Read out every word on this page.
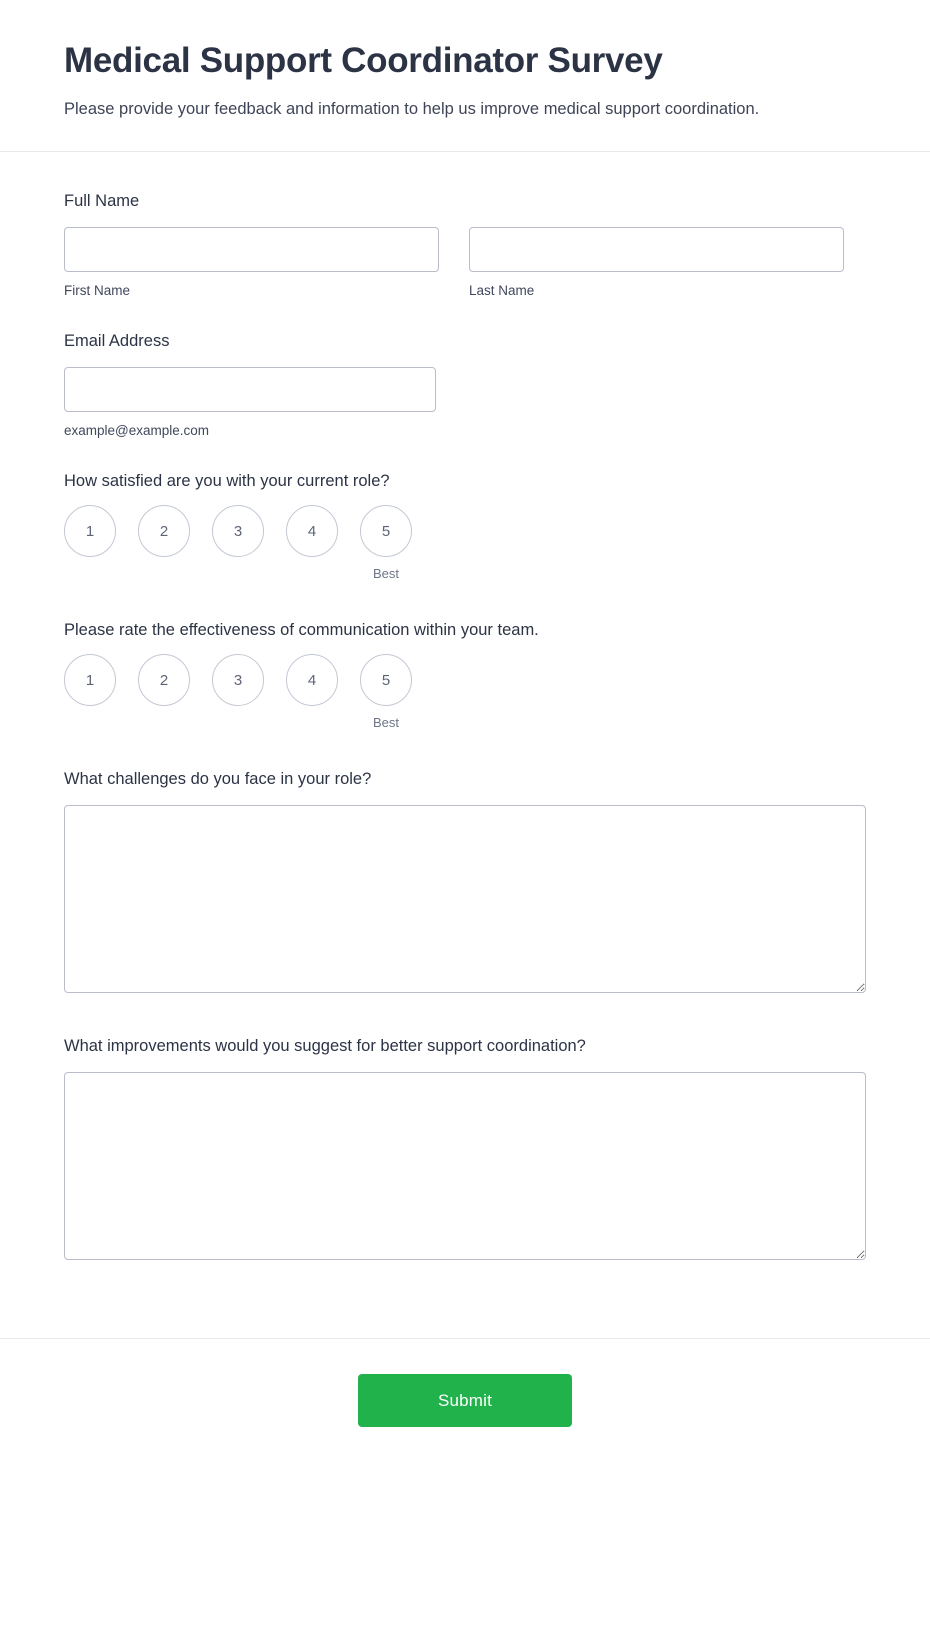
Medical Support Coordinator Survey

Please provide your feedback and information to help us improve medical support coordination.

Full Name
First Name	Last Name
Email Address
example@example.com
How satisfied are you with your current role?
1	2	3	4	5
Best
Please rate the effectiveness of communication within your team.
1	2	3	4	5
Best
What challenges do you face in your role?
What improvements would you suggest for better support coordination?
Submit
